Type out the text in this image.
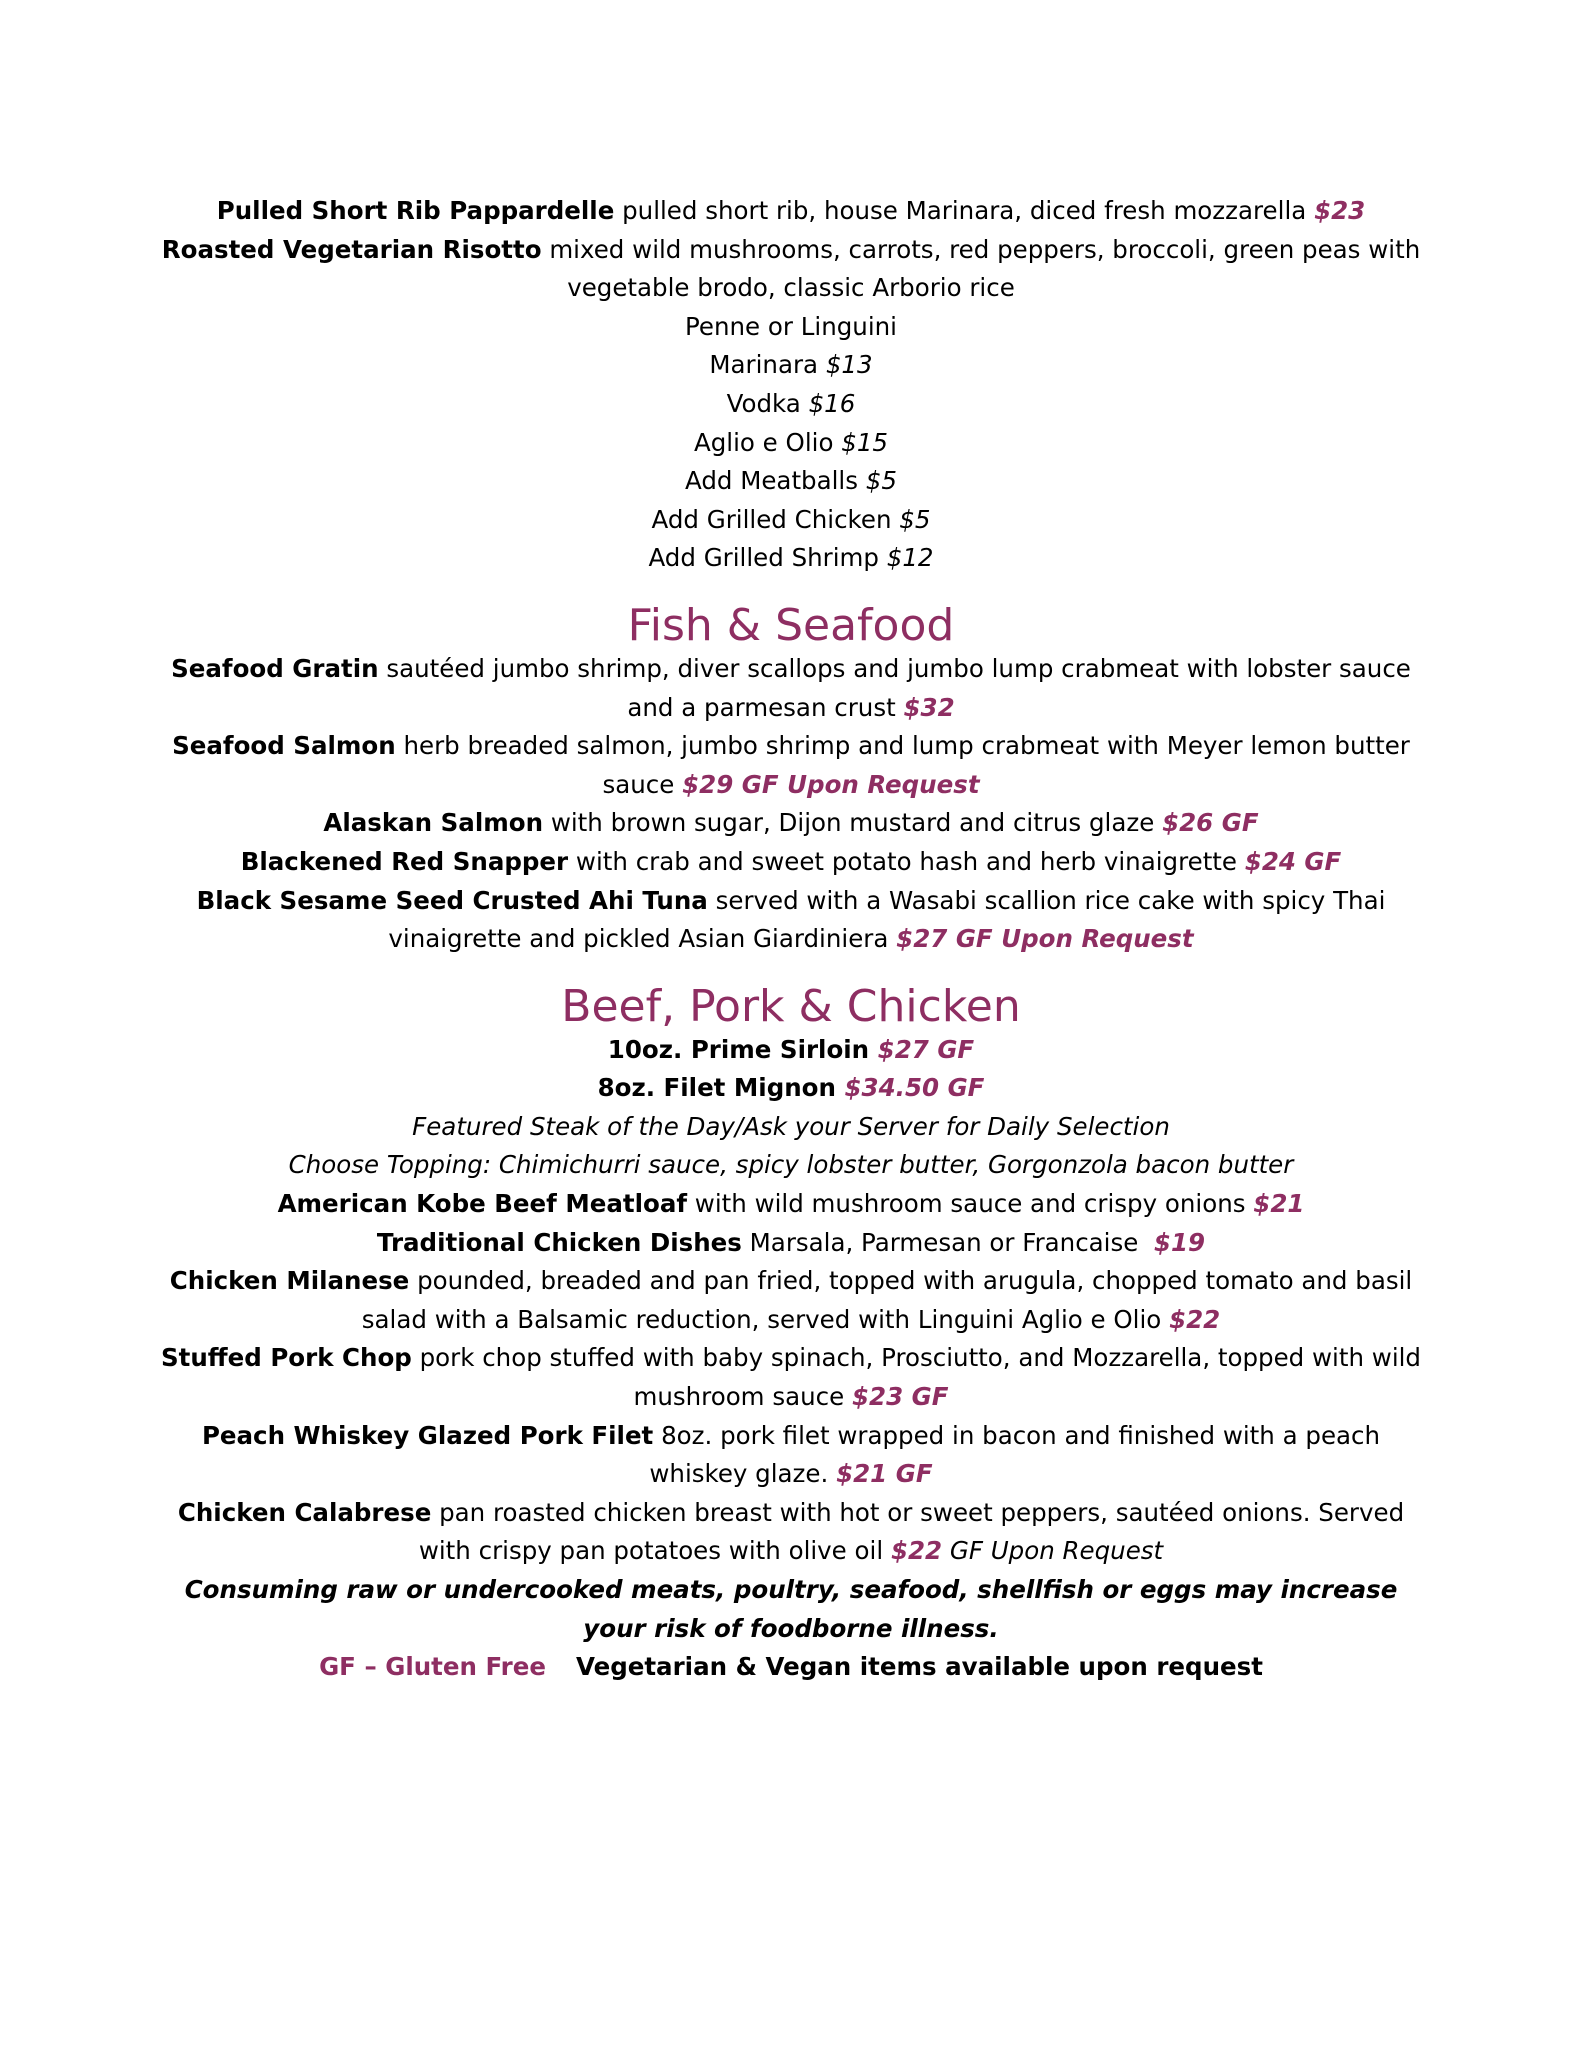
Pulled Short Rib Pappardelle pulled short rib, house Marinara, diced fresh mozzarella $23

Roasted Vegetarian Risotto mixed wild mushrooms, carrots, red peppers, broccoli, green peas with

vegetable brodo, classic Arborio rice

Penne or Linguini

Marinara $13

Vodka $16

Aglio e Olio $15

Add Meatballs $5

Add Grilled Chicken $5

Add Grilled Shrimp $12

Fish & Seafood

Seafood Gratin sautéed jumbo shrimp, diver scallops and jumbo lump crabmeat with lobster sauce

and a parmesan crust $32

Seafood Salmon herb breaded salmon, jumbo shrimp and lump crabmeat with Meyer lemon butter

sauce $29 GF Upon Request

Alaskan Salmon with brown sugar, Dijon mustard and citrus glaze $26 GF

Blackened Red Snapper with crab and sweet potato hash and herb vinaigrette $24 GF

Black Sesame Seed Crusted Ahi Tuna served with a Wasabi scallion rice cake with spicy Thai

vinaigrette and pickled Asian Giardiniera $27 GF Upon Request

Beef, Pork & Chicken

10oz. Prime Sirloin $27 GF

8oz. Filet Mignon $34.50 GF

Featured Steak of the Day/Ask your Server for Daily Selection

Choose Topping: Chimichurri sauce, spicy lobster butter, Gorgonzola bacon butter

American Kobe Beef Meatloaf with wild mushroom sauce and crispy onions $21

Traditional Chicken Dishes Marsala, Parmesan or Francaise  $19

Chicken Milanese pounded, breaded and pan fried, topped with arugula, chopped tomato and basil

salad with a Balsamic reduction, served with Linguini Aglio e Olio $22

Stuffed Pork Chop pork chop stuffed with baby spinach, Prosciutto, and Mozzarella, topped with wild

mushroom sauce $23 GF

Peach Whiskey Glazed Pork Filet 8oz. pork filet wrapped in bacon and finished with a peach

whiskey glaze. $21 GF

Chicken Calabrese pan roasted chicken breast with hot or sweet peppers, sautéed onions. Served

with crispy pan potatoes with olive oil $22 GF Upon Request

Consuming raw or undercooked meats, poultry, seafood, shellfish or eggs may increase

your risk of foodborne illness.

GF – Gluten Free Vegetarian & Vegan items available upon request
